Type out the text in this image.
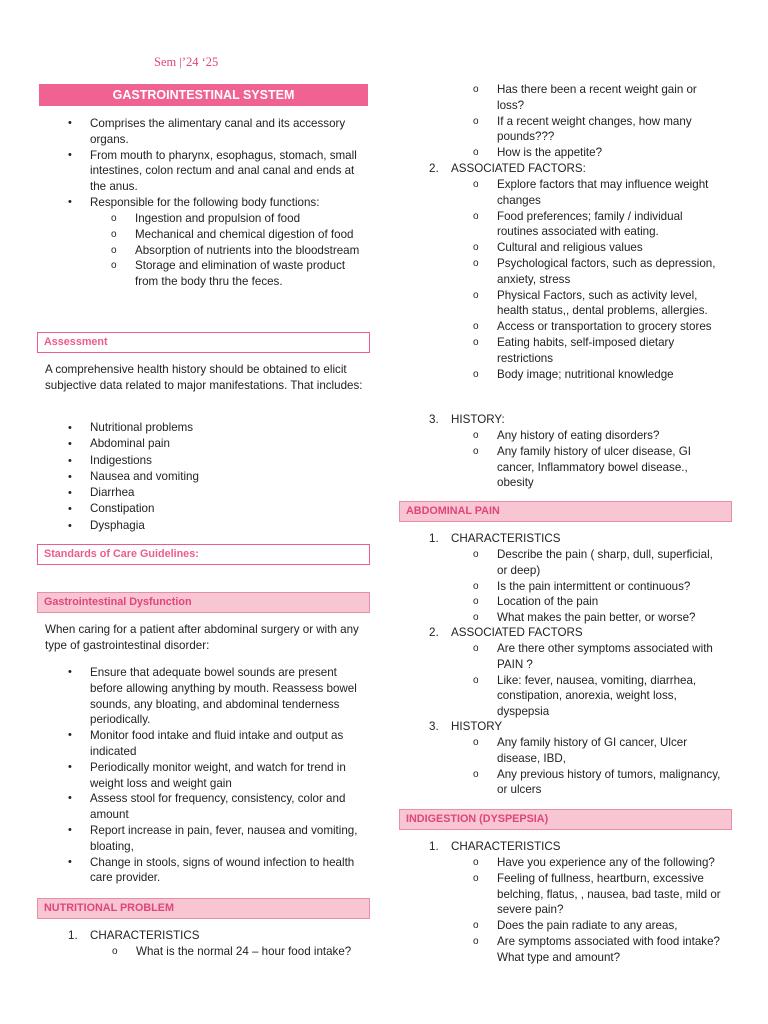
Sem |’24 ‘25
GASTROINTESTINAL SYSTEM
• Comprises the alimentary canal and its accessory organs.
• From mouth to pharynx, esophagus, stomach, small intestines, colon rectum and anal canal and ends at the anus.
• Responsible for the following body functions:
o Ingestion and propulsion of food
o Mechanical and chemical digestion of food
o Absorption of nutrients into the bloodstream
o Storage and elimination of waste product from the body thru the feces.
Assessment

A comprehensive health history should be obtained to elicit subjective data related to major manifestations. That includes:

• Nutritional problems
• Abdominal pain
• Indigestions
• Nausea and vomiting
• Diarrhea
• Constipation
• Dysphagia
Standards of Care Guidelines:
Gastrointestinal Dysfunction

When caring for a patient after abdominal surgery or with any type of gastrointestinal disorder:

• Ensure that adequate bowel sounds are present before allowing anything by mouth. Reassess bowel sounds, any bloating, and abdominal tenderness periodically.
• Monitor food intake and fluid intake and output as indicated
• Periodically monitor weight, and watch for trend in weight loss and weight gain
• Assess stool for frequency, consistency, color and amount
• Report increase in pain, fever, nausea and vomiting, bloating,
• Change in stools, signs of wound infection to health care provider.
NUTRITIONAL PROBLEM
1. CHARACTERISTICS
o What is the normal 24 – hour food intake?
o Has there been a recent weight gain or loss?
o If a recent weight changes, how many pounds???
o How is the appetite?
2. ASSOCIATED FACTORS:
o Explore factors that may influence weight changes
o Food preferences; family / individual routines associated with eating.
o Cultural and religious values
o Psychological factors, such as depression, anxiety, stress
o Physical Factors, such as activity level, health status,, dental problems, allergies.
o Access or transportation to grocery stores
o Eating habits, self-imposed dietary restrictions
o Body image; nutritional knowledge
3. HISTORY:
o Any history of eating disorders?
o Any family history of ulcer disease, GI cancer, Inflammatory bowel disease., obesity
ABDOMINAL PAIN
1. CHARACTERISTICS
o Describe the pain ( sharp, dull, superficial, or deep)
o Is the pain intermittent or continuous?
o Location of the pain
o What makes the pain better, or worse?
2. ASSOCIATED FACTORS
o Are there other symptoms associated with PAIN ?
o Like: fever, nausea, vomiting, diarrhea, constipation, anorexia, weight loss, dyspepsia
3. HISTORY
o Any family history of GI cancer, Ulcer disease, IBD,
o Any previous history of tumors, malignancy, or ulcers
INDIGESTION (DYSPEPSIA)
1. CHARACTERISTICS
o Have you experience any of the following?
o Feeling of fullness, heartburn, excessive belching, flatus, , nausea, bad taste, mild or severe pain?
o Does the pain radiate to any areas,
o Are symptoms associated with food intake? What type and amount?
